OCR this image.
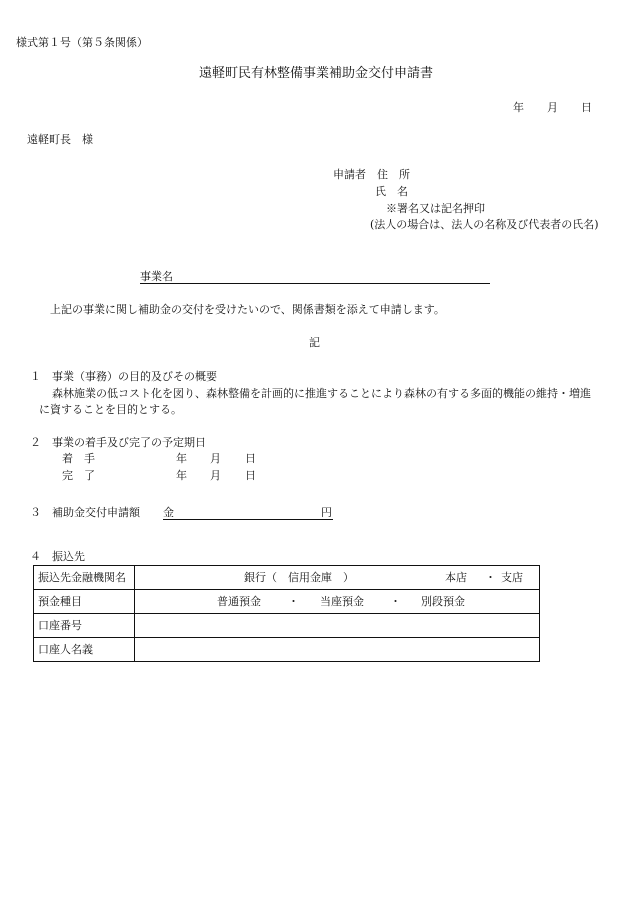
様式第１号（第５条関係）
遠軽町民有林整備事業補助金交付申請書
年 月 日
遠軽町長　様
申請者　住　所
氏　名
※署名又は記名押印
(法人の場合は、法人の名称及び代表者の氏名)
事業名
上記の事業に関し補助金の交付を受けたいので、関係書類を添えて申請します。
記
１ 事業（事務）の目的及びその概要
森林施業の低コスト化を図り、森林整備を計画的に推進することにより森林の有する多面的機能の維持・増進
に資することを目的とする。
２ 事業の着手及び完了の予定期日
着　手	年 月 日
完　了	年 月 日
３ 補助金交付申請額 金	円
４ 振込先
振込先金融機関名	銀行（　信用金庫　） 本店 ・ 支店

預金種目	普通預金 ・ 当座預金 ・ 別段預金

口座番号	
口座人名義	
